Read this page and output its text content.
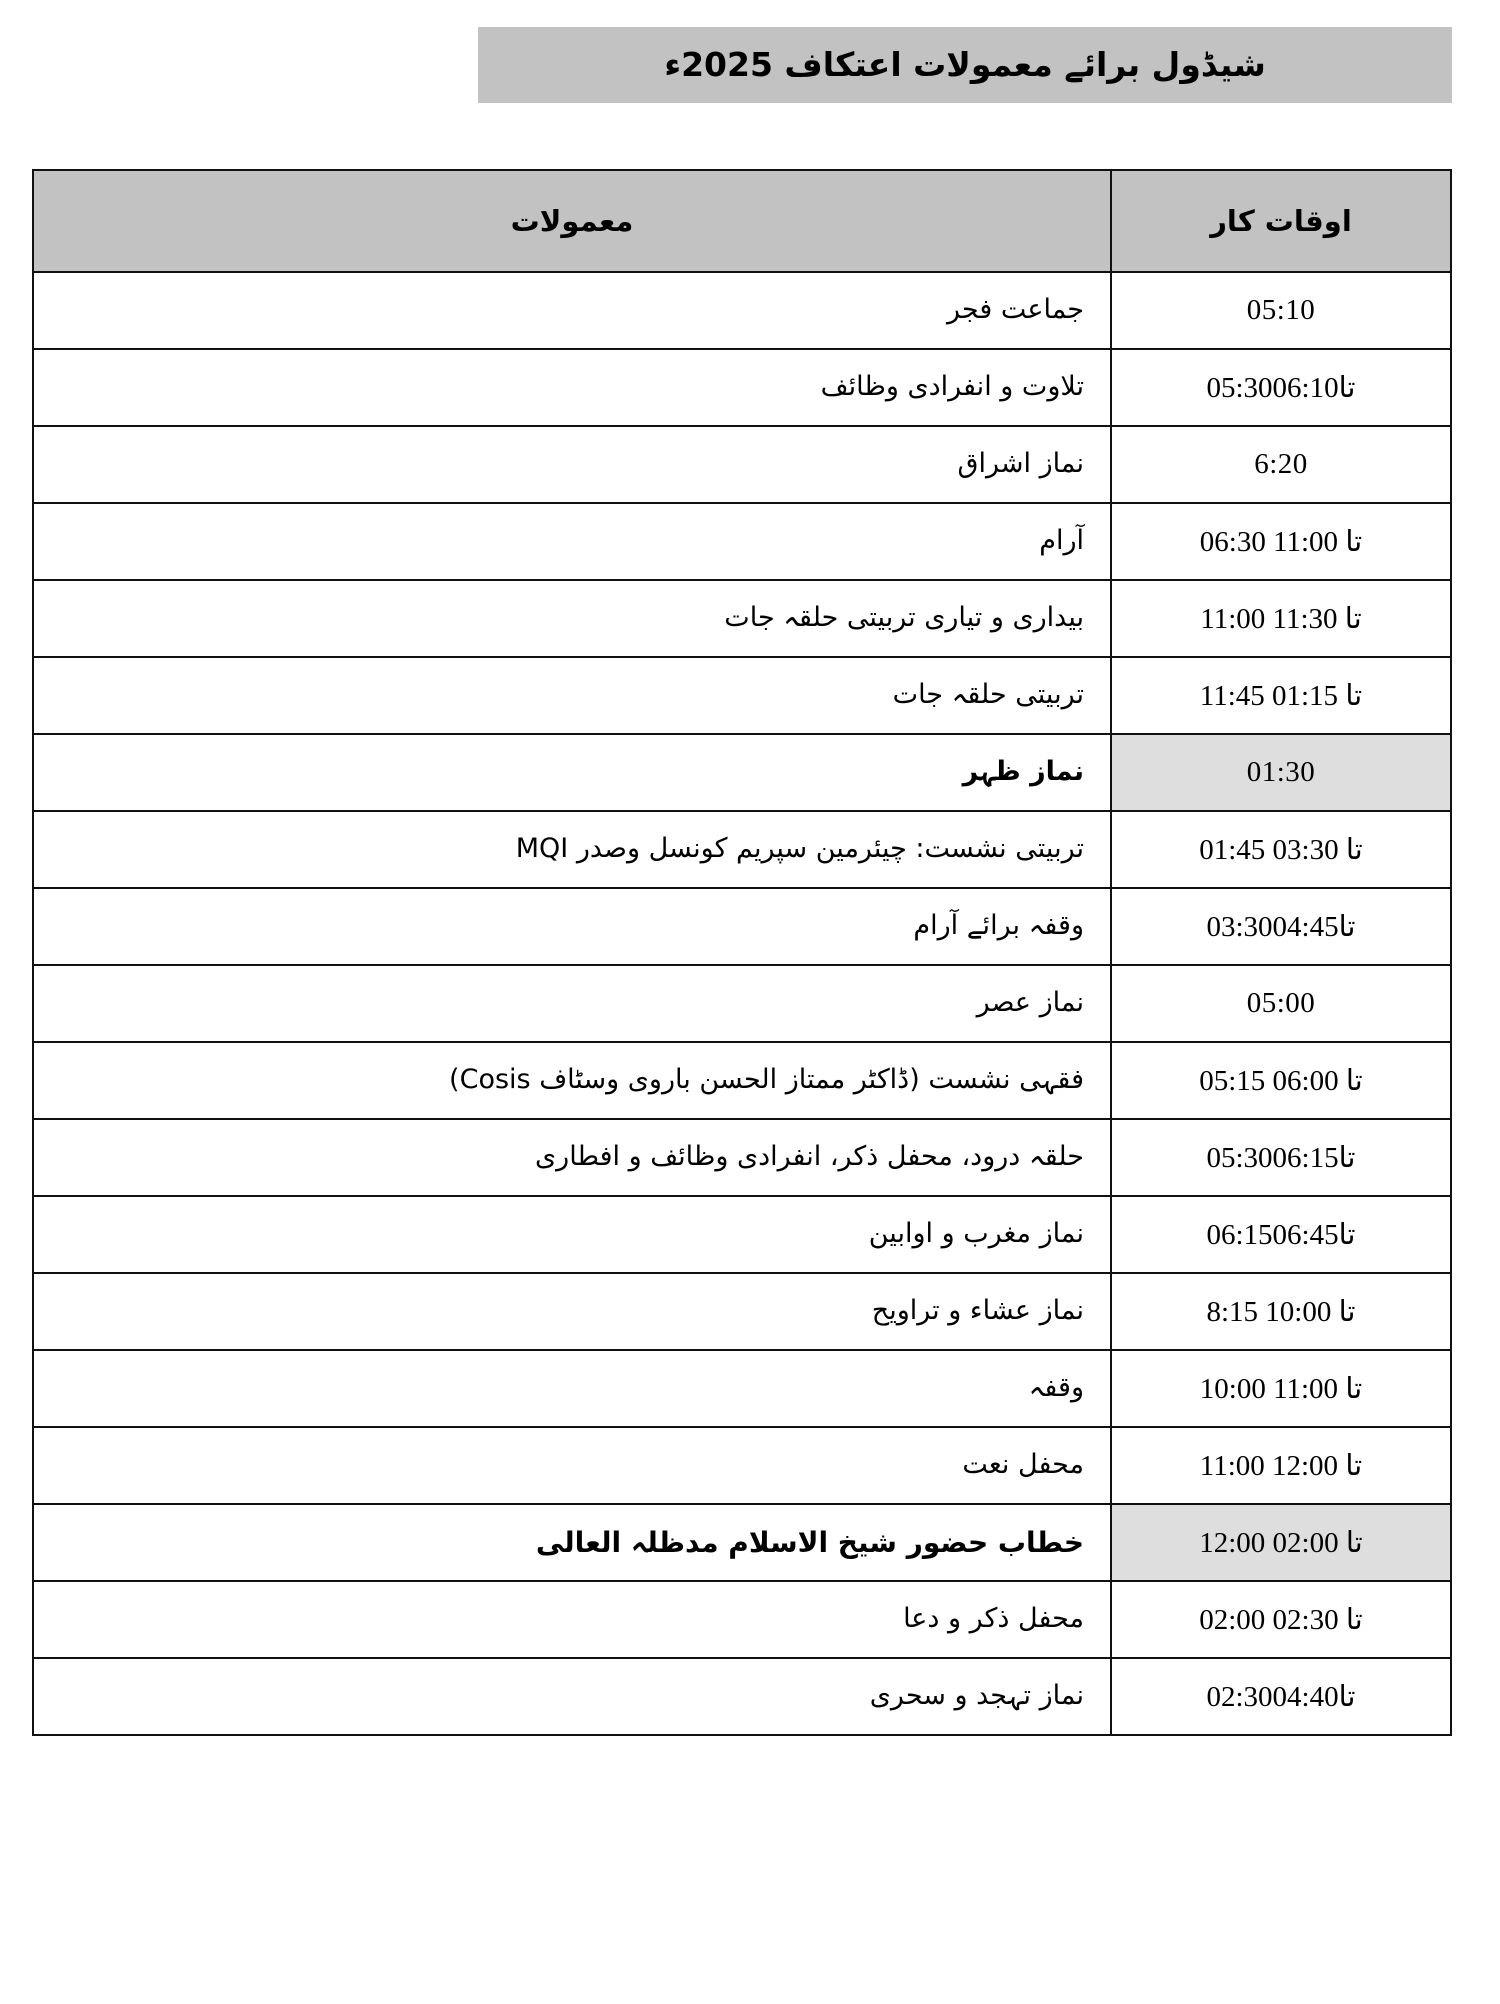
شیڈول برائے معمولات اعتکاف 2025ء
اوقات کار	معمولات
05:10	جماعت فجر
05:30تا06:10	تلاوت و انفرادی وظائف
6:20	نماز اشراق
06:30 تا 11:00	آرام
11:00 تا 11:30	بیداری و تیاری تربیتی حلقہ جات
11:45 تا 01:15	تربیتی حلقہ جات
01:30	نماز ظہر
01:45 تا 03:30	تربیتی نشست: چیئرمین سپریم کونسل وصدر MQI
03:30تا04:45	وقفہ برائے آرام
05:00	نماز عصر
05:15 تا 06:00	فقہی نشست (ڈاکٹر ممتاز الحسن باروی وسٹاف Cosis)
05:30تا06:15	حلقہ درود، محفل ذکر، انفرادی وظائف و افطاری
06:15تا06:45	نماز مغرب و اوابین
8:15 تا 10:00	نماز عشاء و تراویح
10:00 تا 11:00	وقفہ
11:00 تا 12:00	محفل نعت
12:00 تا 02:00	خطاب حضور شیخ الاسلام مدظلہ العالی
02:00 تا 02:30	محفل ذکر و دعا
02:30تا04:40	نماز تہجد و سحری
